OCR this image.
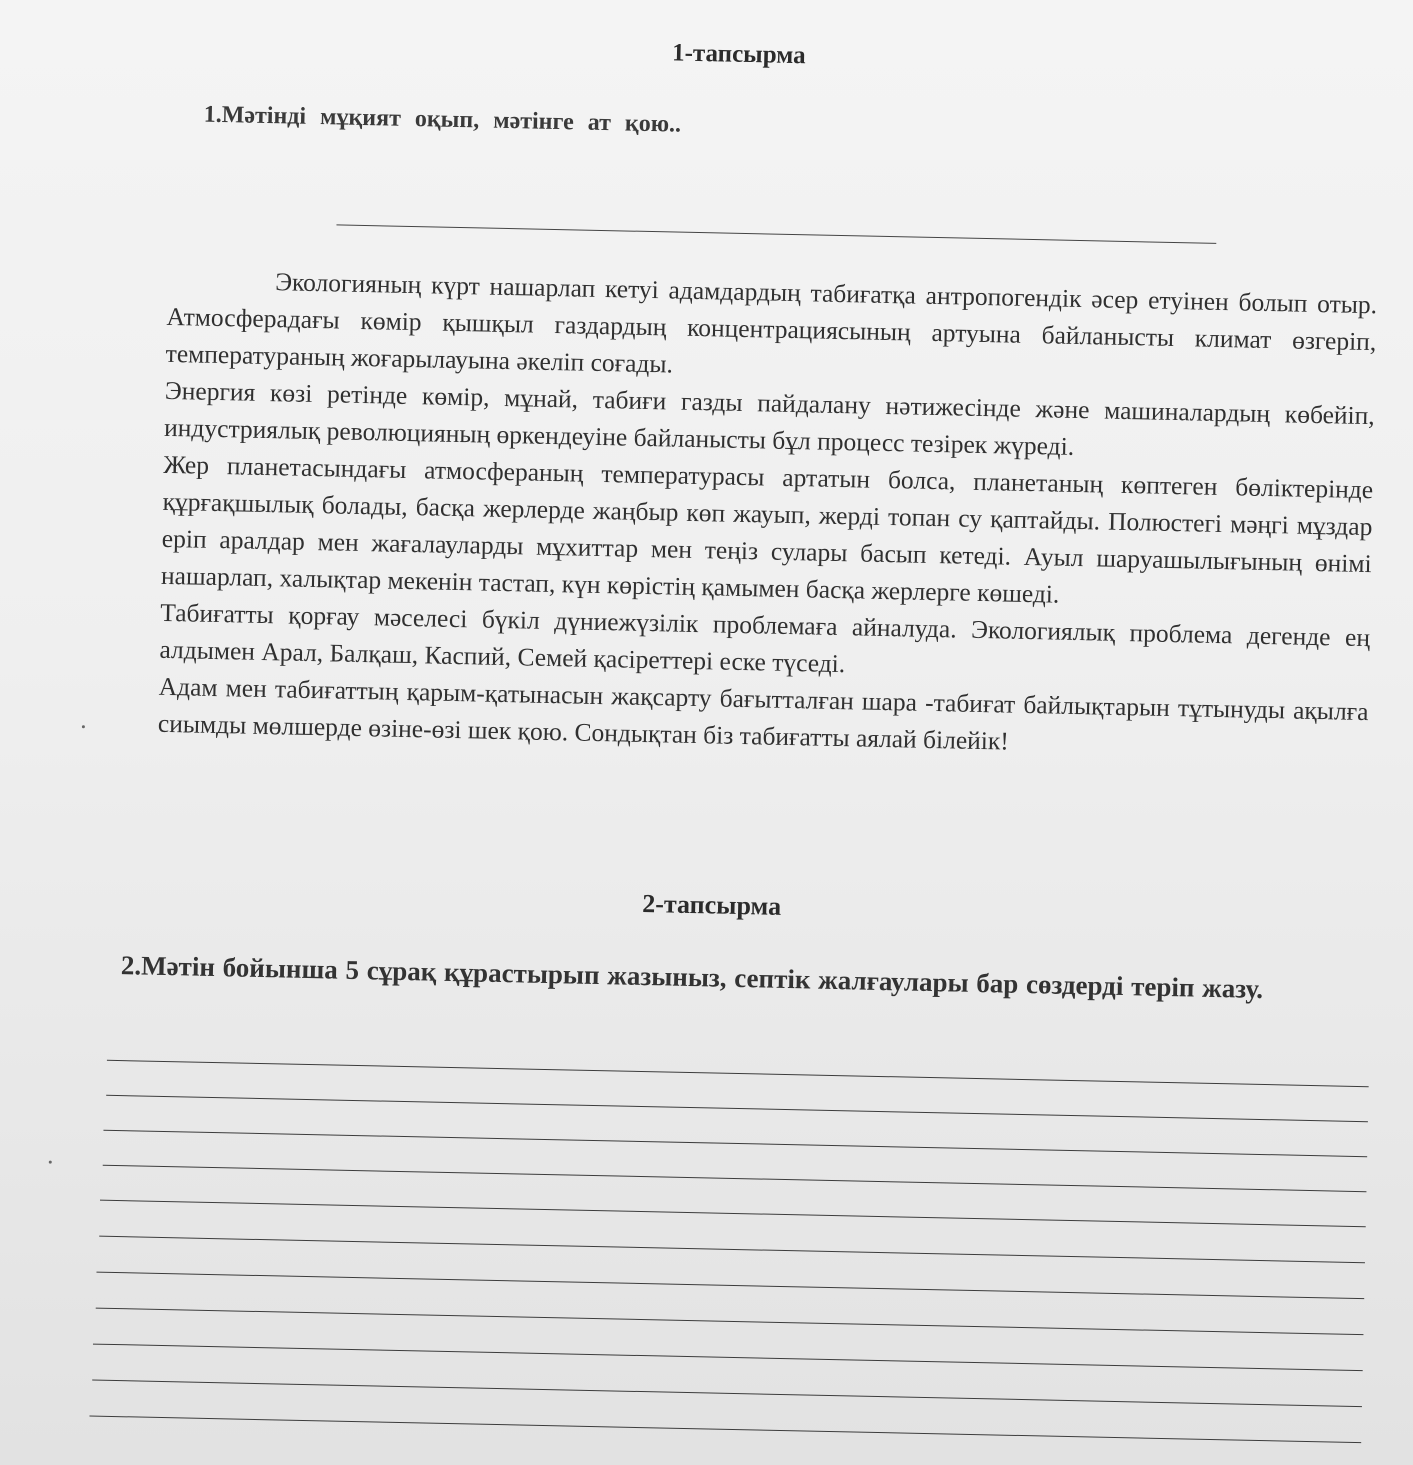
1-тапсырма
1.Мәтінді мұқият оқып, мәтінге ат қою..

Экологияның күрт нашарлап кетуі адамдардың табиғатқа антропогендік әсер етуінен болып отыр. Атмосферадағы көмір қышқыл газдардың концентрациясының артуына байланысты климат өзгеріп, температураның жоғарылауына әкеліп соғады.

Энергия көзі ретінде көмір, мұнай, табиғи газды пайдалану нәтижесінде және машиналардың көбейіп, индустриялық революцияның өркендеуіне байланысты бұл процесс тезірек жүреді.

Жер планетасындағы атмосфераның температурасы артатын болса, планетаның көптеген бөліктерінде құрғақшылық болады, басқа жерлерде жаңбыр көп жауып, жерді топан су қаптайды. Полюстегі мәңгі мұздар еріп аралдар мен жағалауларды мұхиттар мен теңіз сулары басып кетеді. Ауыл шаруашылығының өнімі нашарлап, халықтар мекенін тастап, күн көрістің қамымен басқа жерлерге көшеді.

Табиғатты қорғау мәселесі бүкіл дүниежүзілік проблемаға айналуда. Экологиялық проблема дегенде ең алдымен Арал, Балқаш, Каспий, Семей қасіреттері еске түседі.

Адам мен табиғаттың қарым-қатынасын жақсарту бағытталған шара -табиғат байлықтарын тұтынуды ақылға сиымды мөлшерде өзіне-өзі шек қою. Сондықтан біз табиғатты аялай білейік!

2-тапсырма
2.Мәтін бойынша 5 сұрақ құрастырып жазыныз, септік жалғаулары бар сөздерді теріп жазу.
